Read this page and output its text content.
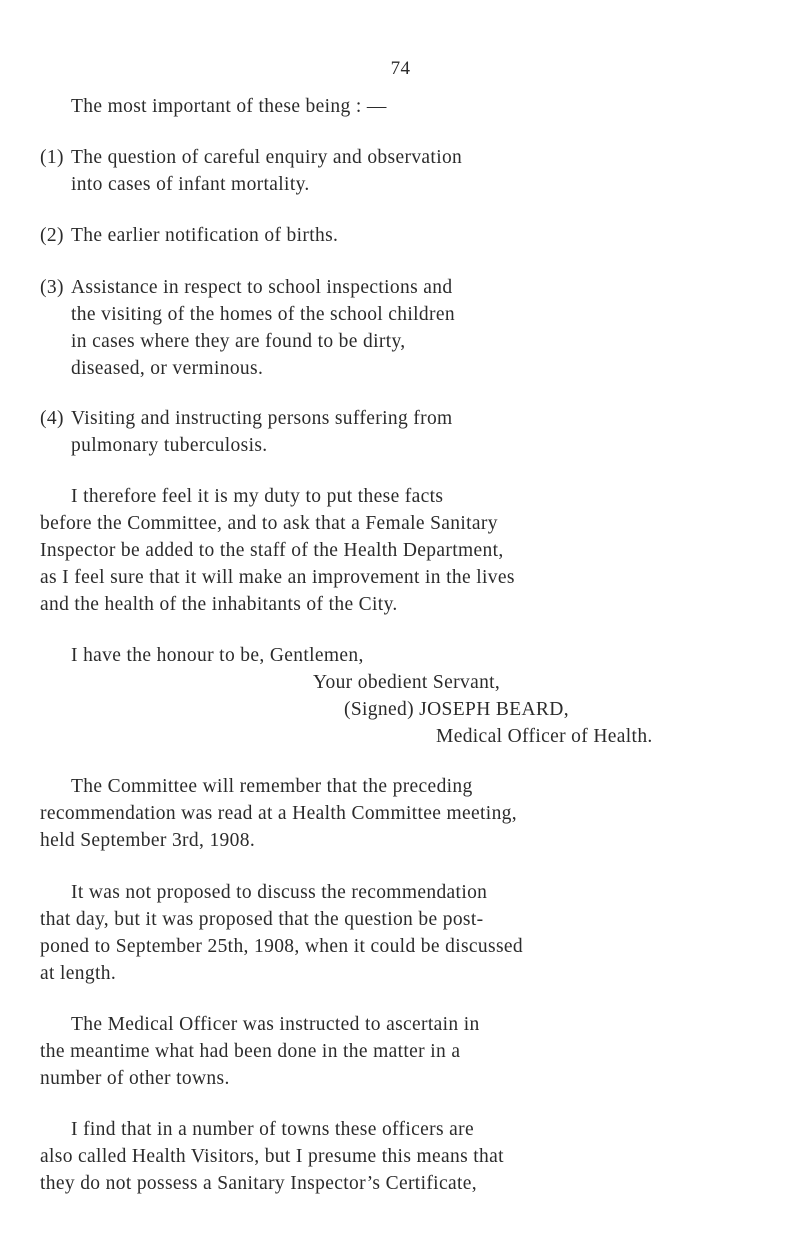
74
The most important of these being : —
(1) The question of careful enquiry and observation
into cases of infant mortality.
(2) The earlier notification of births.
(3) Assistance in respect to school inspections and
the visiting of the homes of the school children
in cases where they are found to be dirty,
diseased, or verminous.
(4) Visiting and instructing persons suffering from
pulmonary tuberculosis.
I therefore feel it is my duty to put these facts
before the Committee, and to ask that a Female Sanitary
Inspector be added to the staff of the Health Department,
as I feel sure that it will make an improvement in the lives
and the health of the inhabitants of the City.
I have the honour to be, Gentlemen,
Your obedient Servant,
(Signed) JOSEPH BEARD,
Medical Officer of Health.
The Committee will remember that the preceding
recommendation was read at a Health Committee meeting,
held September 3rd, 1908.
It was not proposed to discuss the recommendation
that day, but it was proposed that the question be post-
poned to September 25th, 1908, when it could be discussed
at length.
The Medical Officer was instructed to ascertain in
the meantime what had been done in the matter in a
number of other towns.
I find that in a number of towns these officers are
also called Health Visitors, but I presume this means that
they do not possess a Sanitary Inspector’s Certificate,
